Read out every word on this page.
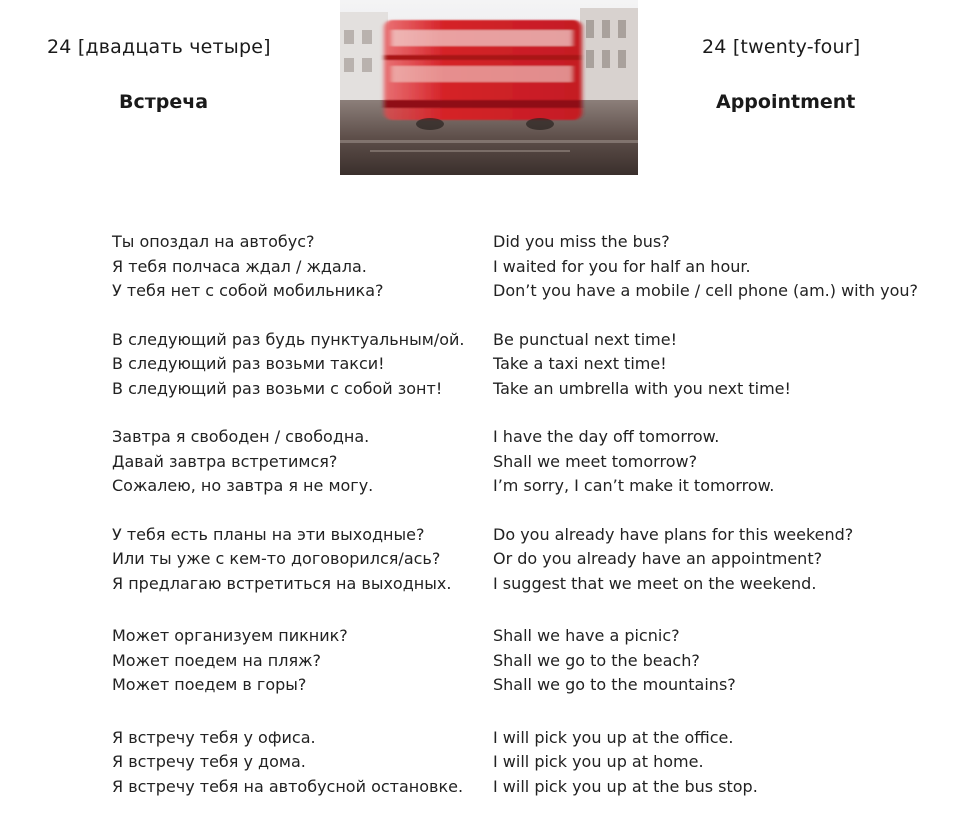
24 [двадцать четыре]	24 [twenty-four]
Встреча	Appointment
Ты опоздал на автобус?
Я тебя полчаса ждал / ждала.
У тебя нет с собой мобильника?
В следующий раз будь пунктуальным/ой.
В следующий раз возьми такси!
В следующий раз возьми с собой зонт!
Завтра я свободен / свободна.
Давай завтра встретимся?
Сожалею, но завтра я не могу.
У тебя есть планы на эти выходные?
Или ты уже с кем-то договорился/ась?
Я предлагаю встретиться на выходных.
Может организуем пикник?
Может поедем на пляж?
Может поедем в горы?
Я встречу тебя у офиса.
Я встречу тебя у дома.
Я встречу тебя на автобусной остановке.
Did you miss the bus?
I waited for you for half an hour.
Don’t you have a mobile / cell phone (am.) with you?
Be punctual next time!
Take a taxi next time!
Take an umbrella with you next time!
I have the day off tomorrow.
Shall we meet tomorrow?
I’m sorry, I can’t make it tomorrow.
Do you already have plans for this weekend?
Or do you already have an appointment?
I suggest that we meet on the weekend.
Shall we have a picnic?
Shall we go to the beach?
Shall we go to the mountains?
I will pick you up at the office.
I will pick you up at home.
I will pick you up at the bus stop.
